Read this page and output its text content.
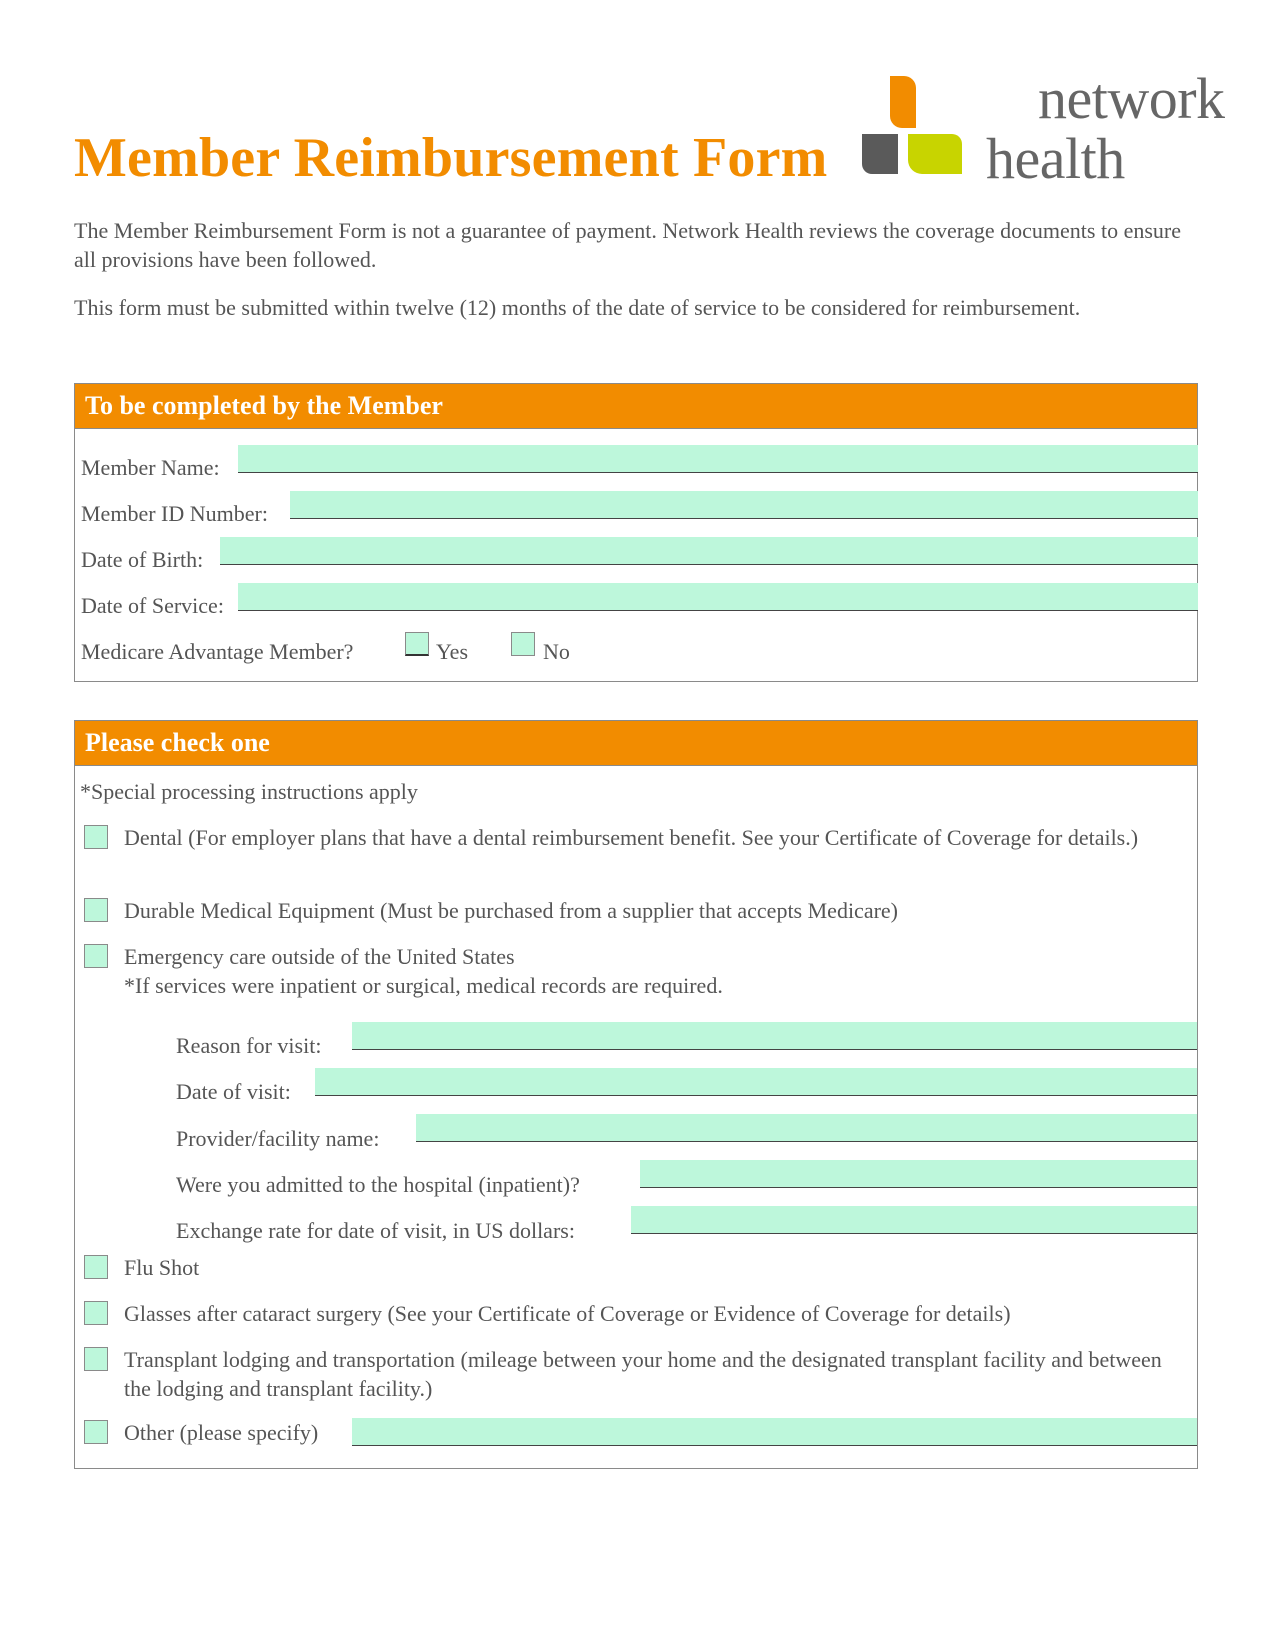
Member Reimbursement Form
network
health
The Member Reimbursement Form is not a guarantee of payment. Network Health reviews the coverage documents to ensure all provisions have been followed.
This form must be submitted within twelve (12) months of the date of service to be considered for reimbursement.
To be completed by the Member
Member Name:
Member ID Number:
Date of Birth:
Date of Service:
Medicare Advantage Member?	Yes	No
Please check one
*Special processing instructions apply
Dental (For employer plans that have a dental reimbursement benefit. See your Certificate of Coverage for details.)
Durable Medical Equipment (Must be purchased from a supplier that accepts Medicare)
Emergency care outside of the United States
*If services were inpatient or surgical, medical records are required.
Reason for visit:
Date of visit:
Provider/facility name:
Were you admitted to the hospital (inpatient)?
Exchange rate for date of visit, in US dollars:
Flu Shot
Glasses after cataract surgery (See your Certificate of Coverage or Evidence of Coverage for details)
Transplant lodging and transportation (mileage between your home and the designated transplant facility and between the lodging and transplant facility.)
Other (please specify)
